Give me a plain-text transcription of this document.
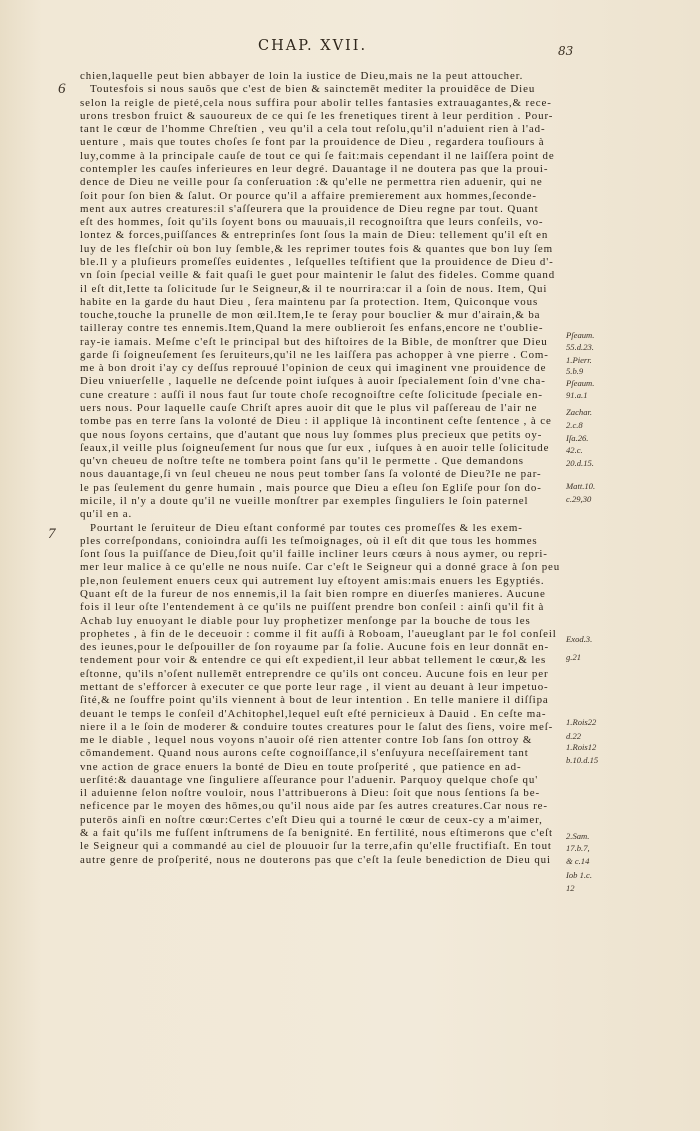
CHAP. XVII.	83

chien,laquelle peut bien abbayer de loin la iustice de Dieu,mais ne la peut attoucher.

Toutesfois si nous sauõs que c'est de bien & sainctemēt mediter la prouidēce de Dieu
selon la reigle de pieté,cela nous suffira pour abolir telles fantasies extrauagantes,& rece-
urons tresbon fruict & sauoureux de ce qui ſe les frenetiques tirent à leur perdition . Pour-
tant le cœur de l'homme Chreſtien , veu qu'il a cela tout reſolu,qu'il n'aduient rien à l'ad-
uenture , mais que toutes choſes ſe font par la prouidence de Dieu , regardera touſiours à
luy,comme à la principale cauſe de tout ce qui ſe fait:mais cependant il ne laiſſera point de
contempler les cauſes inferieures en leur degré. Dauantage il ne doutera pas que la proui-
dence de Dieu ne veille pour ſa conſeruation :& qu'elle ne permettra rien aduenir, qui ne
ſoit pour ſon bien & ſalut. Or pource qu'il a affaire premierement aux hommes,ſeconde-
ment aux autres creatures:il s'aſſeurera que la prouidence de Dieu regne par tout. Quant
eſt des hommes, ſoit qu'ils ſoyent bons ou mauuais,il recognoiſtra que leurs conſeils, vo-
lontez & forces,puiſſances & entreprinſes ſont ſous la main de Dieu: tellement qu'il eſt en
luy de les fleſchir où bon luy ſemble,& les reprimer toutes fois & quantes que bon luy ſem
ble.Il y a pluſieurs promeſſes euidentes , leſquelles teſtifient que la prouidence de Dieu d'-
vn ſoin ſpecial veille & fait quaſi le guet pour maintenir le ſalut des fideles. Comme quand
il eſt dit,Iette ta ſolicitude ſur le Seigneur,& il te nourrira:car il a ſoin de nous. Item, Qui
habite en la garde du haut Dieu , ſera maintenu par ſa protection. Item, Quiconque vous
touche,touche la prunelle de mon œil.Item,Ie te ſeray pour bouclier & mur d'airain,& ba
tailleray contre tes ennemis.Item,Quand la mere oublieroit ſes enfans,encore ne t'oublie-
ray-ie iamais. Meſme c'eſt le principal but des hiſtoires de la Bible, de monſtrer que Dieu
garde ſi ſoigneuſement ſes ſeruiteurs,qu'il ne les laiſſera pas achopper à vne pierre . Com-
me à bon droit i'ay cy deſſus reprouué l'opinion de ceux qui imaginent vne prouidence de
Dieu vniuerſelle , laquelle ne deſcende point iuſques à auoir ſpecialement ſoin d'vne cha-
cune creature : auſſi il nous faut ſur toute choſe recognoiſtre ceſte ſolicitude ſpeciale en-
uers nous. Pour laquelle cauſe Chriſt apres auoir dit que le plus vil paſſereau de l'air ne
tombe pas en terre ſans la volonté de Dieu : il applique là incontinent ceſte ſentence , à ce
que nous ſoyons certains, que d'autant que nous luy ſommes plus precieux que petits oy-
ſeaux,il veille plus ſoigneuſement ſur nous que ſur eux , iuſques à en auoir telle ſolicitude
qu'vn cheueu de noſtre teſte ne tombera point ſans qu'il le permette . Que demandons
nous dauantage,ſi vn ſeul cheueu ne nous peut tomber ſans ſa volonté de Dieu?Ie ne par-
le pas ſeulement du genre humain , mais pource que Dieu a eſleu ſon Egliſe pour ſon do-
micile, il n'y a doute qu'il ne vueille monſtrer par exemples ſinguliers le ſoin paternel
qu'il en a.

Pourtant le ſeruiteur de Dieu eſtant conformé par toutes ces promeſſes & les exem-
ples correſpondans, conioindra auſſi les teſmoignages, où il eſt dit que tous les hommes
ſont ſous la puiſſance de Dieu,ſoit qu'il faille incliner leurs cœurs à nous aymer, ou repri-
mer leur malice à ce qu'elle ne nous nuiſe. Car c'eſt le Seigneur qui a donné grace à ſon peu
ple,non ſeulement enuers ceux qui autrement luy eſtoyent amis:mais enuers les Egyptiés.
Quant eſt de la fureur de nos ennemis,il la ſait bien rompre en diuerſes manieres. Aucune
fois il leur oſte l'entendement à ce qu'ils ne puiſſent prendre bon conſeil : ainſi qu'il fit à
Achab luy enuoyant le diable pour luy prophetizer menſonge par la bouche de tous les
prophetes , à fin de le deceuoir : comme il fit auſſi à Roboam, l'aueuglant par le fol conſeil
des ieunes,pour le deſpouiller de ſon royaume par ſa folie. Aucune fois en leur donnāt en-
tendement pour voir & entendre ce qui eſt expedient,il leur abbat tellement le cœur,& les
eſtonne, qu'ils n'oſent nullemēt entreprendre ce qu'ils ont conceu. Aucune fois en leur per
mettant de s'efforcer à executer ce que porte leur rage , il vient au deuant à leur impetuo-
ſité,& ne ſouffre point qu'ils viennent à bout de leur intention . En telle maniere il diſſipa
deuant le temps le conſeil d'Achitophel,lequel euſt eſté pernicieux à Dauid . En ceſte ma-
niere il a le ſoin de moderer & conduire toutes creatures pour le ſalut des ſiens, voire meſ-
me le diable , lequel nous voyons n'auoir oſé rien attenter contre Iob ſans ſon ottroy &
cōmandement. Quand nous aurons ceſte cognoiſſance,il s'enſuyura neceſſairement tant
vne action de grace enuers la bonté de Dieu en toute proſperité , que patience en ad-
uerſité:& dauantage vne ſinguliere aſſeurance pour l'aduenir. Parquoy quelque choſe qu'
il aduienne ſelon noſtre vouloir, nous l'attribuerons à Dieu: ſoit que nous ſentions ſa be-
neficence par le moyen des hōmes,ou qu'il nous aide par ſes autres creatures.Car nous re-
puterōs ainſi en noſtre cœur:Certes c'eſt Dieu qui a tourné le cœur de ceux-cy a m'aimer,
& a fait qu'ils me fuſſent inſtrumens de ſa benignité. En fertilité, nous eſtimerons que c'eſt
le Seigneur qui a commandé au ciel de plouuoir ſur la terre,afin qu'elle fructifiaſt. En tout
autre genre de proſperité, nous ne douterons pas que c'eſt la ſeule benediction de Dieu qui

Pſeaum.
55.d.23.
1.Pierr.
5.b.9
Pſeaum.
91.a.1
Zachar.
2.c.8
Iſa.26.
42.c.
20.d.15.
Matt.10.
c.29,30
Exod.3.
g.21
1.Rois22
d.22
1.Rois12
b.10.d.15
2.Sam.
17.b.7,
& c.14
Iob 1.c.
12
6
7
